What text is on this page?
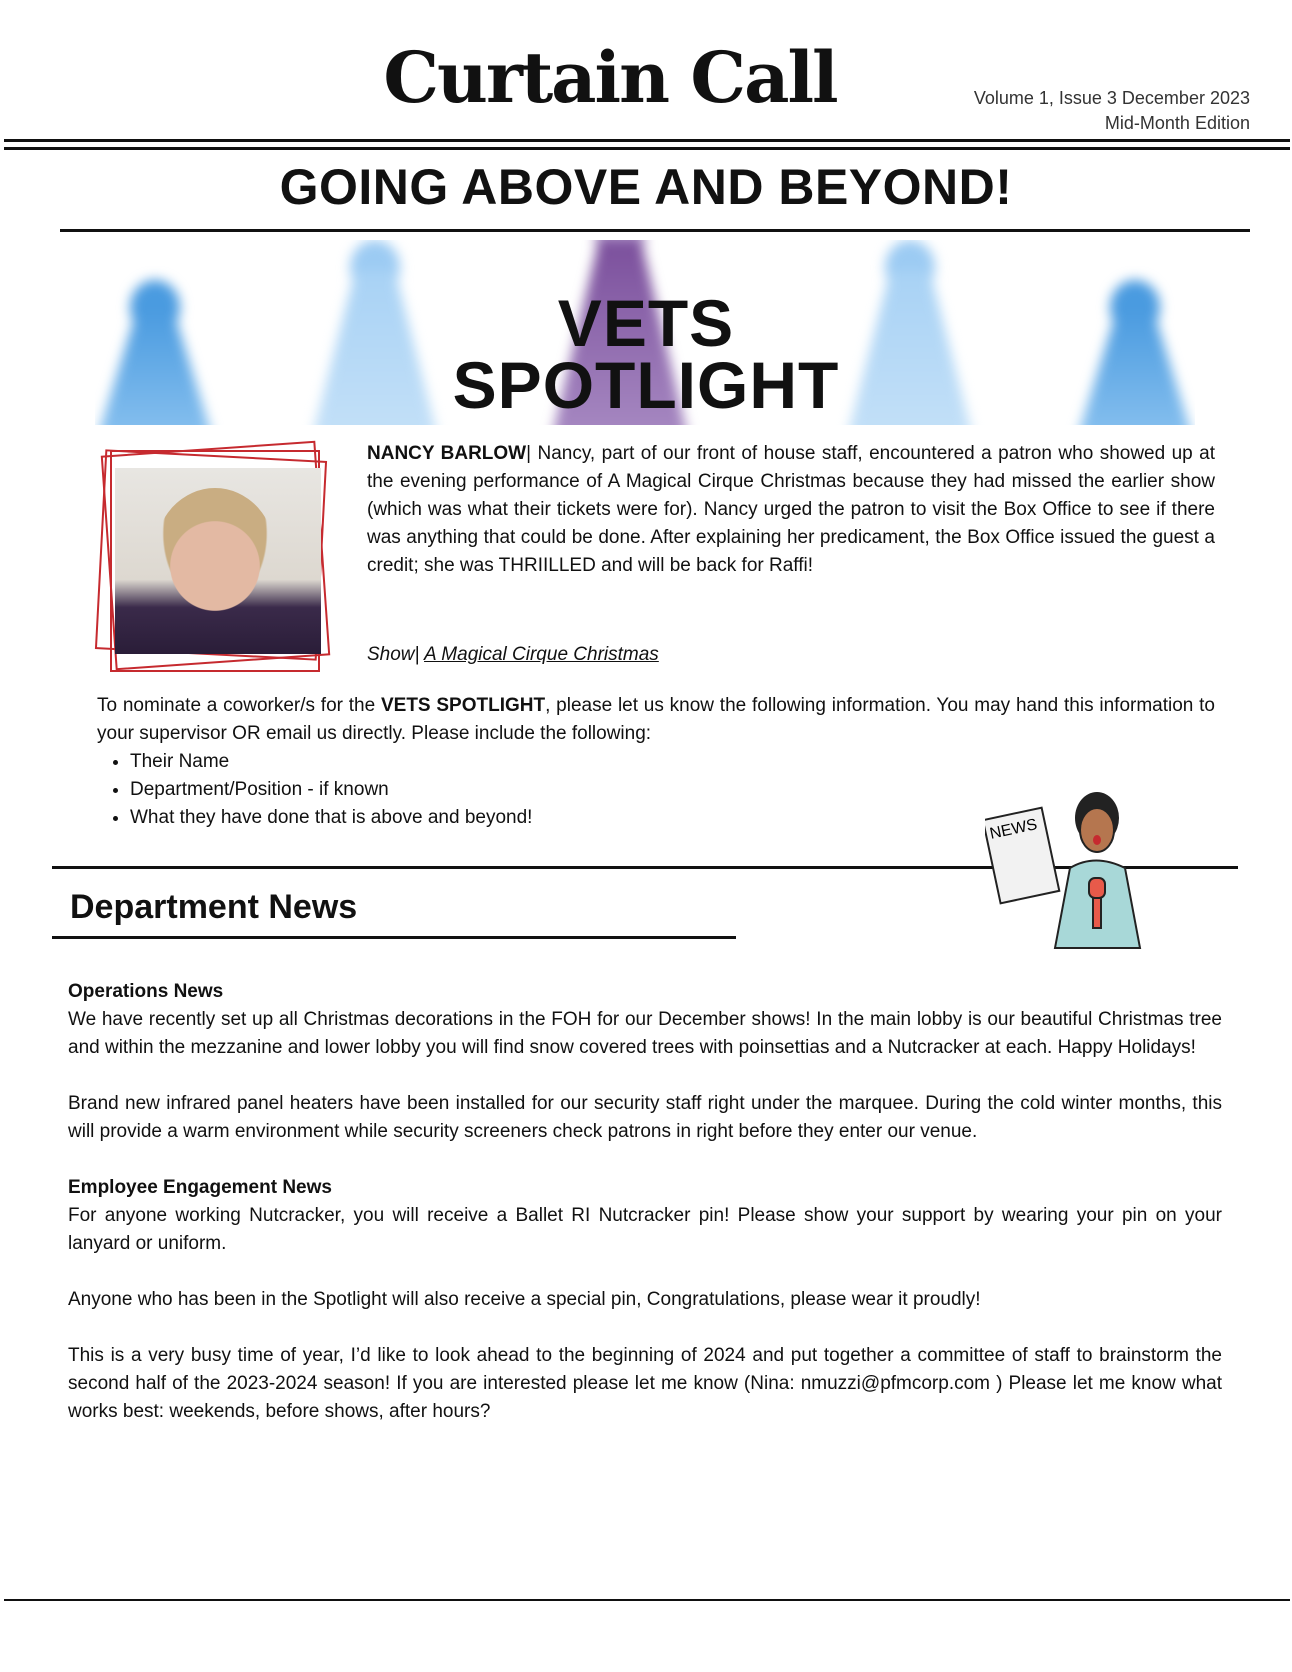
Curtain Call	Volume 1, Issue 3 December 2023
Mid-Month Edition
GOING ABOVE AND BEYOND!
VETS
SPOTLIGHT
NANCY BARLOW| Nancy, part of our front of house staff, encountered a patron who showed up at the evening performance of A Magical Cirque Christmas because they had missed the earlier show (which was what their tickets were for). Nancy urged the patron to visit the Box Office to see if there was anything that could be done. After explaining her predicament, the Box Office issued the guest a credit; she was THRIILLED and will be back for Raffi!
Show| A Magical Cirque Christmas

To nominate a coworker/s for the VETS SPOTLIGHT, please let us know the following information. You may hand this information to your supervisor OR email us directly. Please include the following:

• Their Name
• Department/Position - if known
• What they have done that is above and beyond!
Department News
NEWS
Operations News

We have recently set up all Christmas decorations in the FOH for our December shows! In the main lobby is our beautiful Christmas tree and within the mezzanine and lower lobby you will find snow covered trees with poinsettias and a Nutcracker at each. Happy Holidays!

Brand new infrared panel heaters have been installed for our security staff right under the marquee. During the cold winter months, this will provide a warm environment while security screeners check patrons in right before they enter our venue.

Employee Engagement News

For anyone working Nutcracker, you will receive a Ballet RI Nutcracker pin! Please show your support by wearing your pin on your lanyard or uniform.

Anyone who has been in the Spotlight will also receive a special pin, Congratulations, please wear it proudly!

This is a very busy time of year, I’d like to look ahead to the beginning of 2024 and put together a committee of staff to brainstorm the second half of the 2023-2024 season! If you are interested please let me know (Nina: nmuzzi@pfmcorp.com ) Please let me know what works best: weekends, before shows, after hours?
